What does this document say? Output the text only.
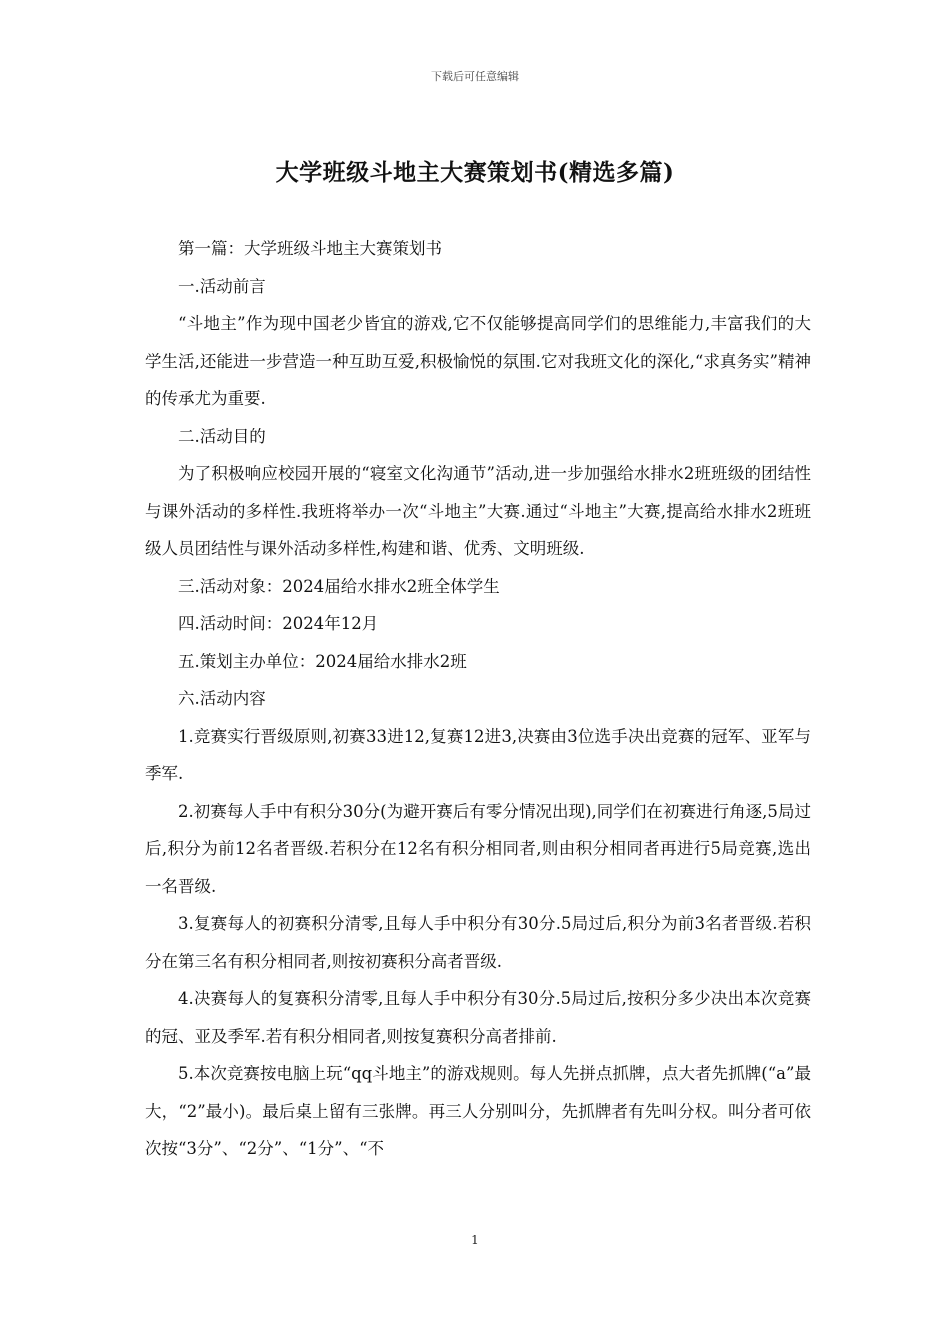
下载后可任意编辑
大学班级斗地主大赛策划书(精选多篇)

第一篇：大学班级斗地主大赛策划书

一.活动前言

“斗地主”作为现中国老少皆宜的游戏,它不仅能够提高同学们的思维能力,丰富我们的大学生活,还能进一步营造一种互助互爱,积极愉悦的氛围.它对我班文化的深化,“求真务实”精神的传承尤为重要.

二.活动目的

为了积极响应校园开展的“寝室文化沟通节”活动,进一步加强给水排水2班班级的团结性与课外活动的多样性.我班将举办一次“斗地主”大赛.通过“斗地主”大赛,提高给水排水2班班级人员团结性与课外活动多样性,构建和谐、优秀、文明班级.

三.活动对象：2024届给水排水2班全体学生

四.活动时间：2024年12月

五.策划主办单位：2024届给水排水2班

六.活动内容

1.竞赛实行晋级原则,初赛33进12,复赛12进3,决赛由3位选手决出竞赛的冠军、亚军与季军.

2.初赛每人手中有积分30分(为避开赛后有零分情况出现),同学们在初赛进行角逐,5局过后,积分为前12名者晋级.若积分在12名有积分相同者,则由积分相同者再进行5局竞赛,选出一名晋级.

3.复赛每人的初赛积分清零,且每人手中积分有30分.5局过后,积分为前3名者晋级.若积分在第三名有积分相同者,则按初赛积分高者晋级.

4.决赛每人的复赛积分清零,且每人手中积分有30分.5局过后,按积分多少决出本次竞赛的冠、亚及季军.若有积分相同者,则按复赛积分高者排前.

5.本次竞赛按电脑上玩“qq斗地主”的游戏规则。每人先拼点抓牌，点大者先抓牌(“a”最大，“2”最小)。最后桌上留有三张牌。再三人分别叫分，先抓牌者有先叫分权。叫分者可依次按“3分”、“2分”、“1分”、“不

1
